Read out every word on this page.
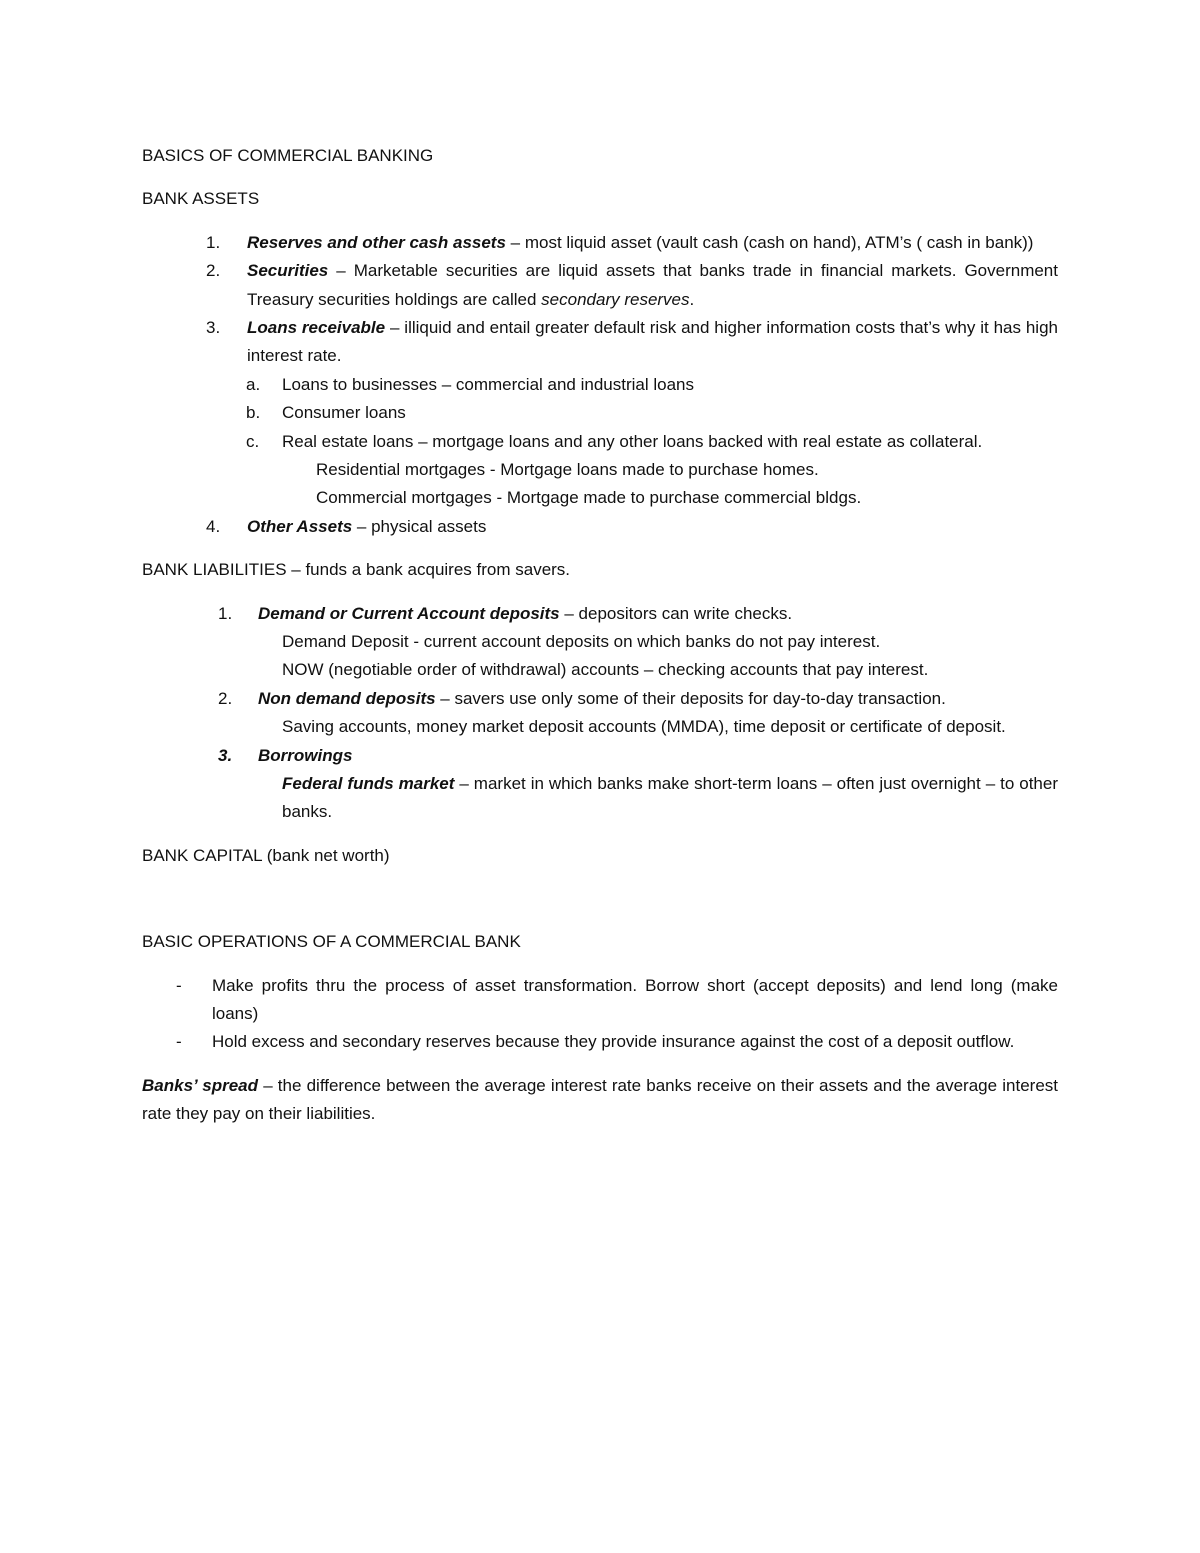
BASICS OF COMMERCIAL BANKING

BANK ASSETS

1. Reserves and other cash assets – most liquid asset (vault cash (cash on hand), ATM’s ( cash in bank))
2. Securities – Marketable securities are liquid assets that banks trade in financial markets. Government Treasury securities holdings are called secondary reserves.
3. Loans receivable – illiquid and entail greater default risk and higher information costs that’s why it has high interest rate.
a. Loans to businesses – commercial and industrial loans
b. Consumer loans
c. Real estate loans – mortgage loans and any other loans backed with real estate as collateral.

Residential mortgages - Mortgage loans made to purchase homes.

Commercial mortgages - Mortgage made to purchase commercial bldgs.

4. Other Assets – physical assets

BANK LIABILITIES – funds a bank acquires from savers.

1. Demand or Current Account deposits – depositors can write checks.

Demand Deposit - current account deposits on which banks do not pay interest.

NOW (negotiable order of withdrawal) accounts – checking accounts that pay interest.

2. Non demand deposits – savers use only some of their deposits for day-to-day transaction.

Saving accounts, money market deposit accounts (MMDA), time deposit or certificate of deposit.

3. Borrowings

Federal funds market – market in which banks make short-term loans – often just overnight – to other banks.

BANK CAPITAL (bank net worth)

BASIC OPERATIONS OF A COMMERCIAL BANK

- Make profits thru the process of asset transformation. Borrow short (accept deposits) and lend long (make loans)
- Hold excess and secondary reserves because they provide insurance against the cost of a deposit outflow.

Banks’ spread – the difference between the average interest rate banks receive on their assets and the average interest rate they pay on their liabilities.
